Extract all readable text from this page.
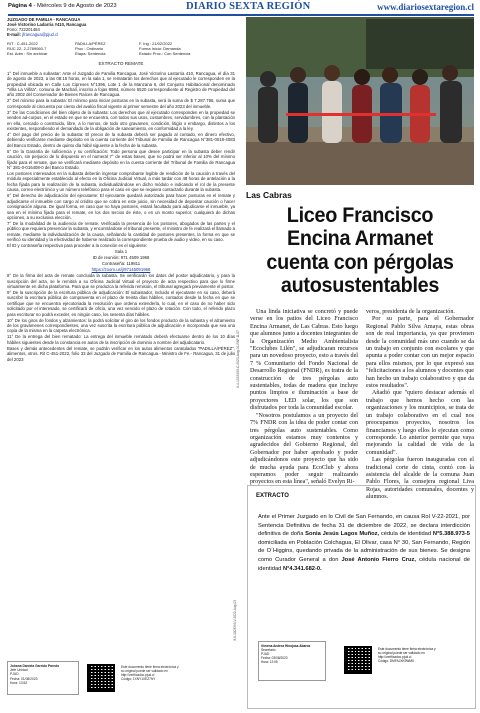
Página 4 - Miércoles 9 de Agosto de 2023	DIARIO SEXTA REGIÓN	www.diariosextaregion.cl
JUZGADO DE FAMILIA - RANCAGUA
José Victorino Ladarria #410, Rancagua
Fono: 722201484
E-mail: jfrancagua@pjud.cl
RIT : C-451-2022
RUC 22- 2-2789060-7
Est. Adm : Sin archivar
PADILLA/PÉREZ
Proc : Ordinario
Etapa: Sentencia
F. Ing : 21/02/2022
Forma Inicio: Demanda
Estado Proc.: Con Sentencia
EXTRACTO REMATE

1° Del inmueble a subastar: Ante el Juzgado de Familia Rancagua, José Victorino Lastarria 410, Rancagua, el día 31 de agosto de 2023, a las 08:15 horas, en la sala 1, se rematarán los derechos que al ejecutado le corresponden en la propiedad ubicada en Calle Los Cipreses N°1396, Lote 1 de la Manzana 6, del Conjunto Habitacional denominado "Villa La Viñita", comuna de Machalí, inscrito a fojas 8984, número 6520 correspondiente al Registro de Propiedad del año 2002 del Conservador de Bienes Raíces de Rancagua.

2° Del mínimo para la subasta: El mínimo para iniciar posturas en la subasta, será la suma de $ 7.287.796, suma que corresponde al cincuenta por ciento del avalúo fiscal vigente al primer semestre del año 2023 del inmueble.

3° De las Condiciones del bien objeto de la subasta: Los derechos que al ejecutado corresponden en la propiedad se venden ad-corpus, en el estado en que se encuentra, con todos sus usos, costumbres, servidumbres, con la plantación en ella, cercado o construido, libre, a lo menos, de todo otro gravamen, condición, litigio o embargo, distintos a los existentes, respondiendo el demandado de la obligación de saneamiento, en conformidad a la ley.

4° Del pago del precio de la subasta: El precio de la subasta deberá ser pagado al contado, en dinero efectivo, debiendo verificarse mediante depósito en la cuenta corriente del Tribunal de Familia de Rancagua N°381-0018-4083 del Banco Estado, dentro de quinto día hábil siguiente a la fecha de la subasta.

5° De la Garantía de suficiencia y su certificación: Todo persona que desee participar en la subasta deber rendir caución, sin perjuicio de lo dispuesto en el numeral 7° de estas bases, que no podrá ser inferior al 10% del mínimo fijado para el remate, que se verificará mediante depósito en la cuenta corriente del Tribunal de Familia de Rancagua N° 381-0-016408-0 del Banco Estado.

Los postores interesados en la subasta deberán ingresar comprobante legible de rendición de la caución a través del módulo especialmente establecido al efecto en la Oficina Judicial Virtual, a más tardar con 48 horas de antelación a la fecha fijada para la realización de la subasta, individualizándose en dicho módulo e indicando el rol de la presente causa, correo electrónico y un número telefónico para el caso en que se requiera contactarlo durante la subasta.

6° Del derecho de adjudicación del ejecutante: El ejecutante quedará autorizado para hacer posturas en el remate y adjudicarse el inmueble con cargo al crédito que se cobra en este juicio, sin necesidad de depositar caución o hacer consignación alguna. De igual forma, en caso que no haya postores, estará facultado para adjudicarse el inmueble, ya sea en el mínimo fijado para el remate, en los dos tercios de éste, o en un monto superior, cualquiera de dichas opciones, a su exclusiva elección.

7° De la modalidad de la audiencia de remate. Verificada la presencia de los postores, abogados de las partes y el público que requiera presenciar la subasta, y encontrándose el tribunal presente, el ministro de fe realizará el llamado a remate, mediante la individualización de la causa, señalando la cantidad de postores presentes, la forma en que se verificó su identidad y la efectividad de haberse realizado la correspondiente prueba de audio y video, en su caso.

El ID y contraseña respectiva para proceder a la conexión es el siguiente:

Sala 1

ID de reunión: 971 4509 1968

Contraseña: 119811

https://zoom.us/j/97145091968

8° De la firma del acta de remate concluida la subasta. Se verificarán los datos del postor adjudicatario, y para la suscripción del acta, se le remitirá a su Oficina Judicial Virtual el proyecto de acta respectivo para que lo firme virtualmente en dicha plataforma. Para que se produzca la referida remisión, el tribunal agregará previamente el postor.

9° De la suscripción de la escritura pública de adjudicación: El subastador, incluido el ejecutante en su caso, deberá suscribir la escritura pública de compraventa en el plazo de treinta días hábiles, contados desde la fecha en que se certifique que se encuentra ejecutoriada la resolución que ordena extenderla, lo cual, en el caso de no haber sido solicitado por el interesado, se certificará de oficio, una vez vencido el plazo de rotación. Con todo, el referido plazo para escriturar no podrá exceder, en ningún caso, los sesenta días hábiles.

10° De los giros de fondos y alzamientos: la podrá solicitar el giro de los fondos producto de la subasta y el alzamiento de los gravámenes correspondientes, una vez suscrita la escritura pública de adjudicación e incorporada que sea una copia de la misma en la carpeta electrónica.

11° De la entrega del bien rematado: La entrega del inmueble rematado deberá efectuarse dentro de los 10 días hábiles siguientes desde la constancia en autos de la inscripción de dominio a nombre del adjudicatario.

Bases y demás antecedentes del remate, se podrán verificar en los autos alimentos caratulados "PADILLA/PÉREZ", alimentos, otros. Rit C-451-2022, folio 33 del Juzgado de Familia de Rancagua.- Ministro de Fe.- Rancagua, 31 de julio del 2023

Johana Daniela Garrido Paredo
Jefe Unidad
PJUD
Fecha: 01/08/2023
Hora: 13:52
Este documento tiene firma electrónica y su original puede ser validado en http://verificadoc.pjud.cl
Código: 1XNY1XEZ7NY
8-4-1333309-C-2023-Aug-01-FAP-D-07
Las Cabras
Liceo Francisco Encina Armanet cuenta con pérgolas autosustentables

Una linda iniciativa se concretó y puede verse en los patios del Liceo Francisco Encina Armanet, de Las Cabras. Esto luego que alumnos junto a docentes integrantes de la Organización Medio Ambientalista "Ecoclubes Lilén", se adjudicaran recursos para un novedoso proyecto, esto a través del 7 % Comunitario del Fondo Nacional de Desarrollo Regional (FNDR), es tratra de la construcción de tres pérgolas auto sustentables, todas de madera que incluye puntos limpios e iluminación a base de proyectores LED solar, los que son disfrutados por toda la comunidad escolar.

"Nosotros postulamos a un proyecto del 7% FNDR con la idea de poder contar con tres pérgolas auto sustentables. Como organización estamos muy contentos y agradecidos del Gobierno Regional, del Gobernador por haber aprobado y poder adjudicándonos este proyecto que ha sido de mucha ayuda para EcoClub y ahora esperamos poder seguir realizando proyectos en esta línea", señaló Evelyn Ri-

veros, presidenta de la organización.

Por su parte, para el Gobernador Regional Pablo Silva Amaya, estas obras son de real importancia, ya que provienen desde la comunidad más uno cuando se da un trabajo en conjunto con escolares y que apunta a poder contar con un mejor espacio para ellos mismos, por lo que expresó sus "felicitaciones a los alumnos y docentes que han hecho un trabajo colaborativo y que da estos resultados".

Añadió que "quiero destacar además el trabajo que hemos hecho con las organizaciones y los municipios, se trata de un trabajo colaborativo en el cual nos preocupamos proyectos, nosotros los financiamos y luego ellos lo ejecutan como corresponde. Lo anterior permite que vaya mejorando la calidad de vida de la comunidad".

Las pérgolas fueron inauguradas con el tradicional corte de cinta, contó con la asistencia del alcalde de la comuna Juan Pablo Flores, la consejera regional Liva Rojas, autoridades comunales, docentes y alumnos.

EXTRACTO
Ante el Primer Juzgado en lo Civil de San Fernando, en causa Rol V-22-2021, por Sentencia Definitiva de fecha 31 de diciembre de 2022, se declara interdicción definitiva de doña Sonia Jesús Lagos Muñoz, cédula de identidad N°5.388.973-5 domiciliada en Población Colchagua, El Olivar, casa N° 30, San Fernando, Región de O´Higgins, quedando privada de la administración de sus bienes. Se designa como Curador General a don José Antonio Fierro Cruz, cédula nacional de identidad N°4.341.682-0.
Ximena Andrea Hinojosa Abarca
Secretario
PJUD
Fecha: 03/08/2023
Hora: 12:05
Este documento tiene firma electrónica y su original puede ser validado en http://verificadoc.pjud.cl
Código: DMFAJXK9WMX
8-6-1003393-V-2022-Aug-03
